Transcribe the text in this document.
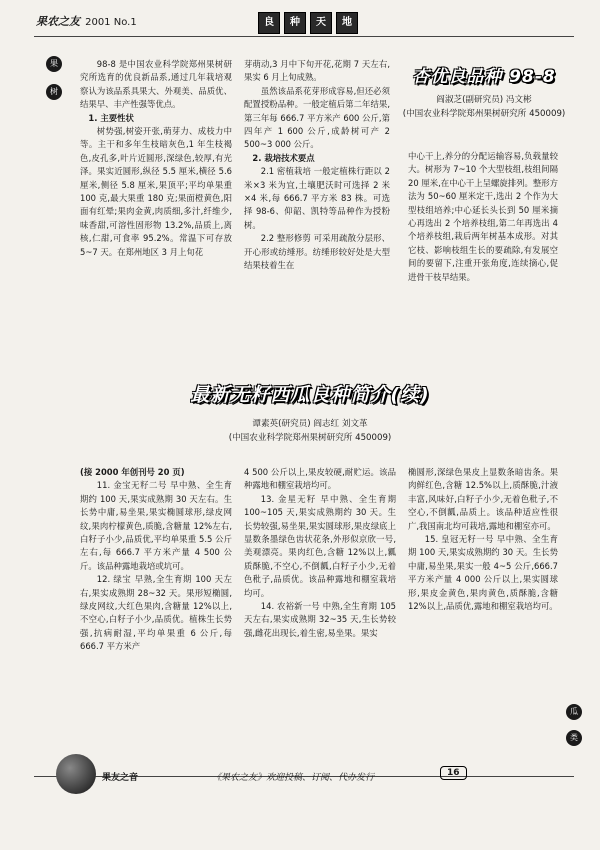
果农之友 2001 No.1	良	种	天	地
果
树

98-8 是中国农业科学院郑州果树研究所选育的优良新品系,通过几年栽培观察认为该品系具果大、外观美、品质优、结果早、丰产性强等优点。

1. 主要性状

树势强,树姿开张,萌芽力、成枝力中等。主干和多年生枝暗灰色,1 年生枝褐色,皮孔多,叶片近圆形,深绿色,较厚,有光泽。果实近圆形,纵径 5.5 厘米,横径 5.6 厘米,侧径 5.8 厘米,果顶平;平均单果重 100 克,最大果重 180 克;果面橙黄色,阳面有红晕;果肉金黄,肉质细,多汁,纤维少,味香甜,可溶性固形物 13.2%,品质上,离核,仁甜,可食率 95.2%。常温下可存放 5~7 天。在郑州地区 3 月上旬花

芽萌动,3 月中下旬开花,花期 7 天左右,果实 6 月上旬成熟。

虽然该品系花芽形成容易,但还必须配置授粉品种。一般定植后第二年结果,第三年每 666.7 平方米产 600 公斤,第四年产 1 600 公斤,成龄树可产 2 500~3 000 公斤。

2. 栽培技术要点

2.1 密植栽培 一般定植株行距以 2 米×3 米为宜,土壤肥沃时可选择 2 米×4 米,每 666.7 平方米 83 株。可选择 98-6、仰韶、凯特等品种作为授粉树。

2.2 整形修剪 可采用疏散分层形、开心形或纺缍形。纺缍形较好处是大型结果枝着生在

杏优良品种 98-8
阎淑芝(副研究员) 冯文彬
(中国农业科学院郑州果树研究所 450009)

中心干上,养分的分配运输容易,负载量较大。树形为 7~10 个大型枝组,枝组间隔 20 厘米,在中心干上呈螺旋排列。整形方法为 50~60 厘米定干,选出 2 个作为大型枝组培养;中心延长头长到 50 厘米摘心再选出 2 个培养枝组,第二年再选出 4 个培养枝组,栽后两年树基本成形。对其它枝、影响枝组生长的要疏除,有发展空间的要留下,注重开张角度,连续摘心,促进骨干枝早结果。

最新无籽西瓜良种简介(续)
谭素英(研究员) 阎志红 刘文革
(中国农业科学院郑州果树研究所 450009)

(接 2000 年创刊号 20 页)

11. 金宝无籽二号 早中熟、全生育期约 100 天,果实成熟期 30 天左右。生长势中庸,易坐果,果实椭圆球形,绿皮网纹,果肉柠檬黄色,质脆,含糖量 12%左右,白籽子小少,品质优,平均单果重 5.5 公斤左右,每 666.7 平方米产量 4 500 公斤。该品种露地栽培或坑可。

12. 绿宝 早熟,全生育期 100 天左右,果实成熟期 28~32 天。果形短椭圆,绿皮网纹,大红色果肉,含糖量 12%以上,不空心,白籽子小少,品质优。植株生长势强,抗病耐湿,平均单果重 6 公斤,每 666.7 平方米产

4 500 公斤以上,果皮较硬,耐贮运。该品种露地和棚室栽培均可。

13. 金星无籽 早中熟、全生育期 100~105 天,果实成熟期约 30 天。生长势较强,易坐果,果实圆球形,果皮绿底上显数条墨绿色齿状花条,外形似京欣一号,美观漂亮。果肉红色,含糖 12%以上,瓤质酥脆,不空心,不倒瓤,白籽子小少,无着色秕子,品质优。该品种露地和棚室栽培均可。

14. 农裕新一号 中熟,全生育期 105 天左右,果实成熟期 32~35 天,生长势较强,雌花出现长,着生密,易坐果。果实

椭圆形,深绿色果皮上显数条暗齿条。果肉鲜红色,含糖 12.5%以上,质酥脆,汁液丰富,风味好,白籽子小少,无着色秕子,不空心,不倒瓤,品质上。该品种适应性很广,我国南北均可栽培,露地和棚室亦可。

15. 皇冠无籽一号 早中熟、全生育期 100 天,果实成熟期约 30 天。生长势中庸,易坐果,果实一般 4~5 公斤,666.7 平方米产量 4 000 公斤以上,果实圆球形,果皮金黄色,果肉黄色,质酥脆,含糖 12%以上,品质优,露地和棚室栽培均可。

瓜
类
果友之音	《果农之友》欢迎投稿、订阅、代办发行	16
